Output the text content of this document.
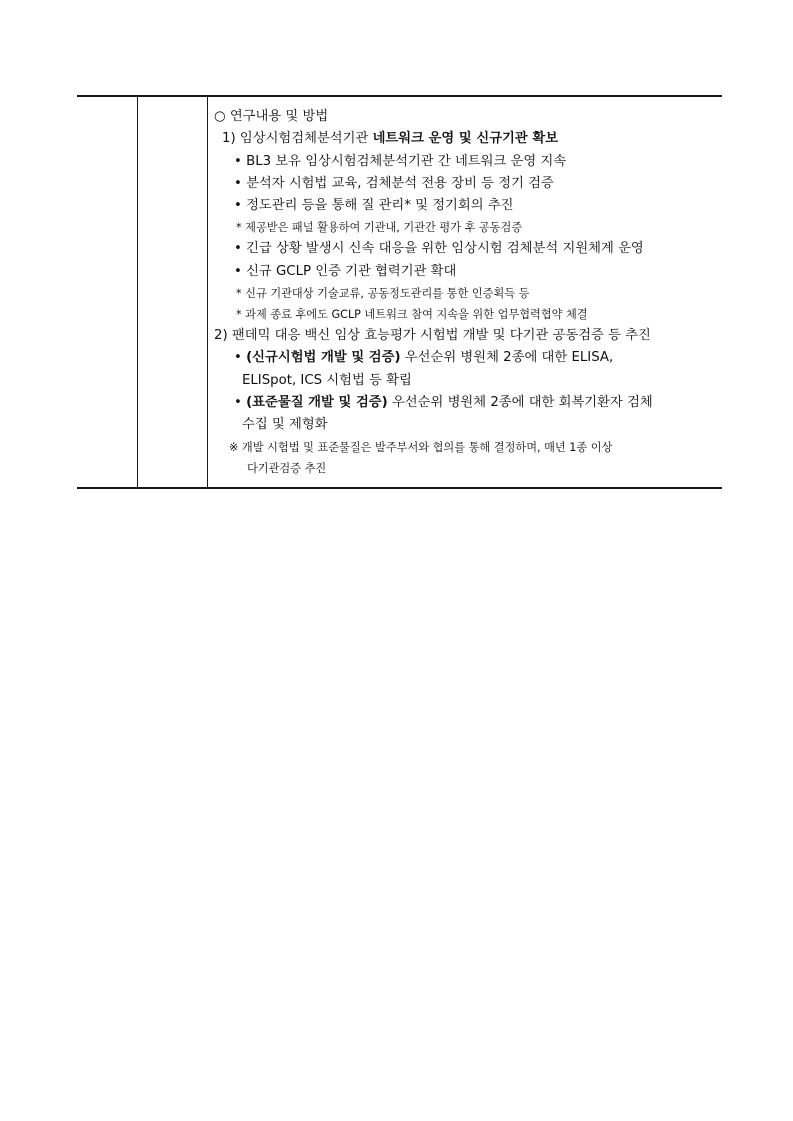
○ 연구내용 및 방법
1) 임상시험검체분석기관 네트워크 운영 및 신규기관 확보
• BL3 보유 임상시험검체분석기관 간 네트워크 운영 지속
• 분석자 시험법 교육, 검체분석 전용 장비 등 정기 검증
• 정도관리 등을 통해 질 관리* 및 정기회의 추진
* 제공받은 패널 활용하여 기관내, 기관간 평가 후 공동검증
• 긴급 상황 발생시 신속 대응을 위한 임상시험 검체분석 지원체계 운영
• 신규 GCLP 인증 기관 협력기관 확대
* 신규 기관대상 기술교류, 공동정도관리를 통한 인증획득 등
* 과제 종료 후에도 GCLP 네트워크 참여 지속을 위한 업무협력협약 체결
2) 팬데믹 대응 백신 임상 효능평가 시험법 개발 및 다기관 공동검증 등 추진
• (신규시험법 개발 및 검증) 우선순위 병원체 2종에 대한 ELISA,
ELISpot, ICS 시험법 등 확립
• (표준물질 개발 및 검증) 우선순위 병원체 2종에 대한 회복기환자 검체
수집 및 제형화
※ 개발 시험법 및 표준물질은 발주부서와 협의를 통해 결정하며, 매년 1종 이상
다기관검증 추진
